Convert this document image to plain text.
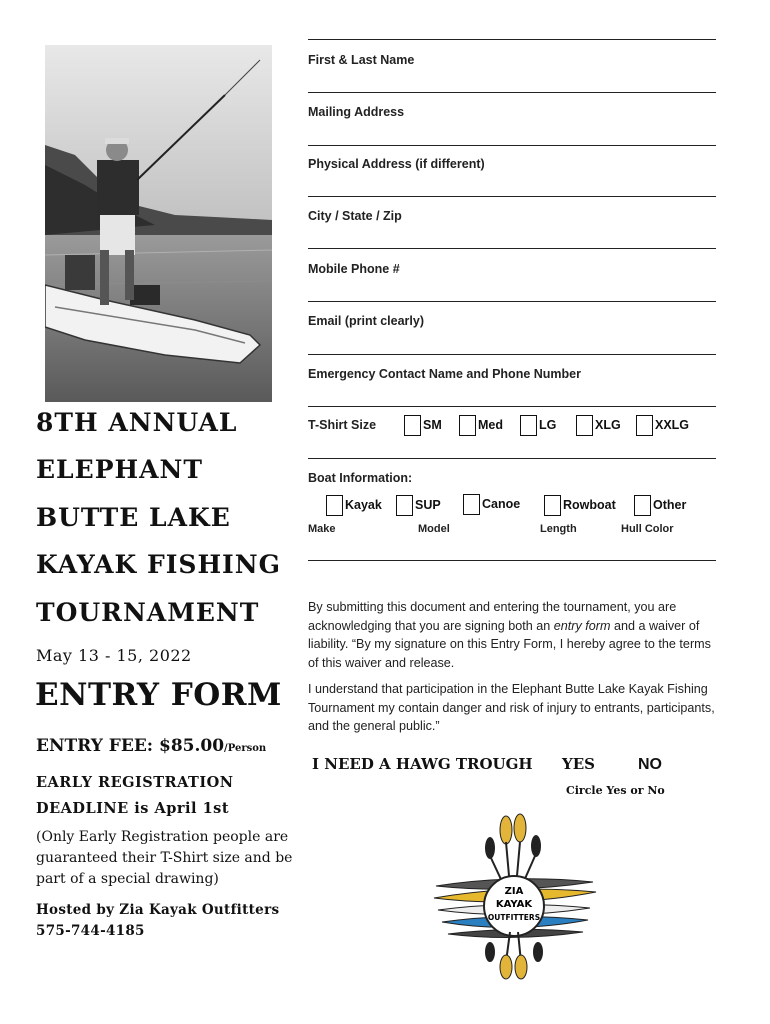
8TH ANNUAL
ELEPHANT
BUTTE LAKE
KAYAK FISHING
TOURNAMENT
May 13 - 15, 2022
ENTRY FORM
ENTRY FEE: $85.00/Person
EARLY REGISTRATION
DEADLINE is April 1st
(Only Early Registration people are guaranteed their T-Shirt size and be part of a special drawing)
Hosted by Zia Kayak Outfitters
575-744-4185
First & Last Name
Mailing Address
Physical Address (if different)
City / State / Zip
Mobile Phone #
Email (print clearly)
Emergency Contact Name and Phone Number
T-Shirt Size	SM	Med	LG	XLG	XXLG
Boat Information:
Kayak	SUP	Canoe	Rowboat	Other
Make	Model	Length	Hull Color
By submitting this document and entering the tournament, you are acknowledging that you are signing both an entry form and a waiver of liability. “By my signature on this Entry Form, I hereby agree to the terms of this waiver and release.
I understand that participation in the Elephant Butte Lake Kayak Fishing Tournament my contain danger and risk of injury to entrants, participants, and the general public.”
I NEED A HAWG TROUGH YES	NO
Circle Yes or No
ZIA
KAYAK
OUTFITTERS
